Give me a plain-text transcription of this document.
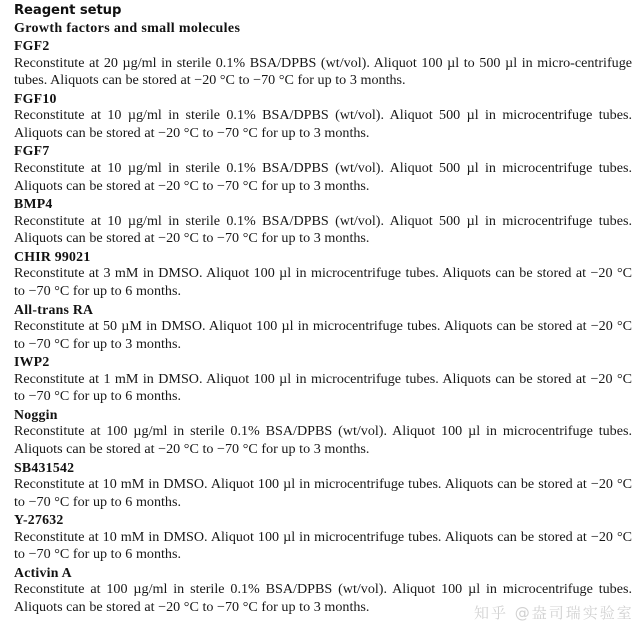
Reagent setup
Growth factors and small molecules
FGF2

Reconstitute at 20 µg/ml in sterile 0.1% BSA/DPBS (wt/vol). Aliquot 100 µl to 500 µl in micro-centrifuge tubes. Aliquots can be stored at −20 °C to −70 °C for up to 3 months.

FGF10

Reconstitute at 10 µg/ml in sterile 0.1% BSA/DPBS (wt/vol). Aliquot 500 µl in microcentrifuge tubes. Aliquots can be stored at −20 °C to −70 °C for up to 3 months.

FGF7

Reconstitute at 10 µg/ml in sterile 0.1% BSA/DPBS (wt/vol). Aliquot 500 µl in microcentrifuge tubes. Aliquots can be stored at −20 °C to −70 °C for up to 3 months.

BMP4

Reconstitute at 10 µg/ml in sterile 0.1% BSA/DPBS (wt/vol). Aliquot 500 µl in microcentrifuge tubes. Aliquots can be stored at −20 °C to −70 °C for up to 3 months.

CHIR 99021

Reconstitute at 3 mM in DMSO. Aliquot 100 µl in microcentrifuge tubes. Aliquots can be stored at −20 °C to −70 °C for up to 6 months.

All-trans RA

Reconstitute at 50 µM in DMSO. Aliquot 100 µl in microcentrifuge tubes. Aliquots can be stored at −20 °C to −70 °C for up to 3 months.

IWP2

Reconstitute at 1 mM in DMSO. Aliquot 100 µl in microcentrifuge tubes. Aliquots can be stored at −20 °C to −70 °C for up to 6 months.

Noggin

Reconstitute at 100 µg/ml in sterile 0.1% BSA/DPBS (wt/vol). Aliquot 100 µl in microcentrifuge tubes. Aliquots can be stored at −20 °C to −70 °C for up to 3 months.

SB431542

Reconstitute at 10 mM in DMSO. Aliquot 100 µl in microcentrifuge tubes. Aliquots can be stored at −20 °C to −70 °C for up to 6 months.

Y-27632

Reconstitute at 10 mM in DMSO. Aliquot 100 µl in microcentrifuge tubes. Aliquots can be stored at −20 °C to −70 °C for up to 6 months.

Activin A

Reconstitute at 100 µg/ml in sterile 0.1% BSA/DPBS (wt/vol). Aliquot 100 µl in microcentrifuge tubes. Aliquots can be stored at −20 °C to −70 °C for up to 3 months.	知乎 @盎司瑞实验室
